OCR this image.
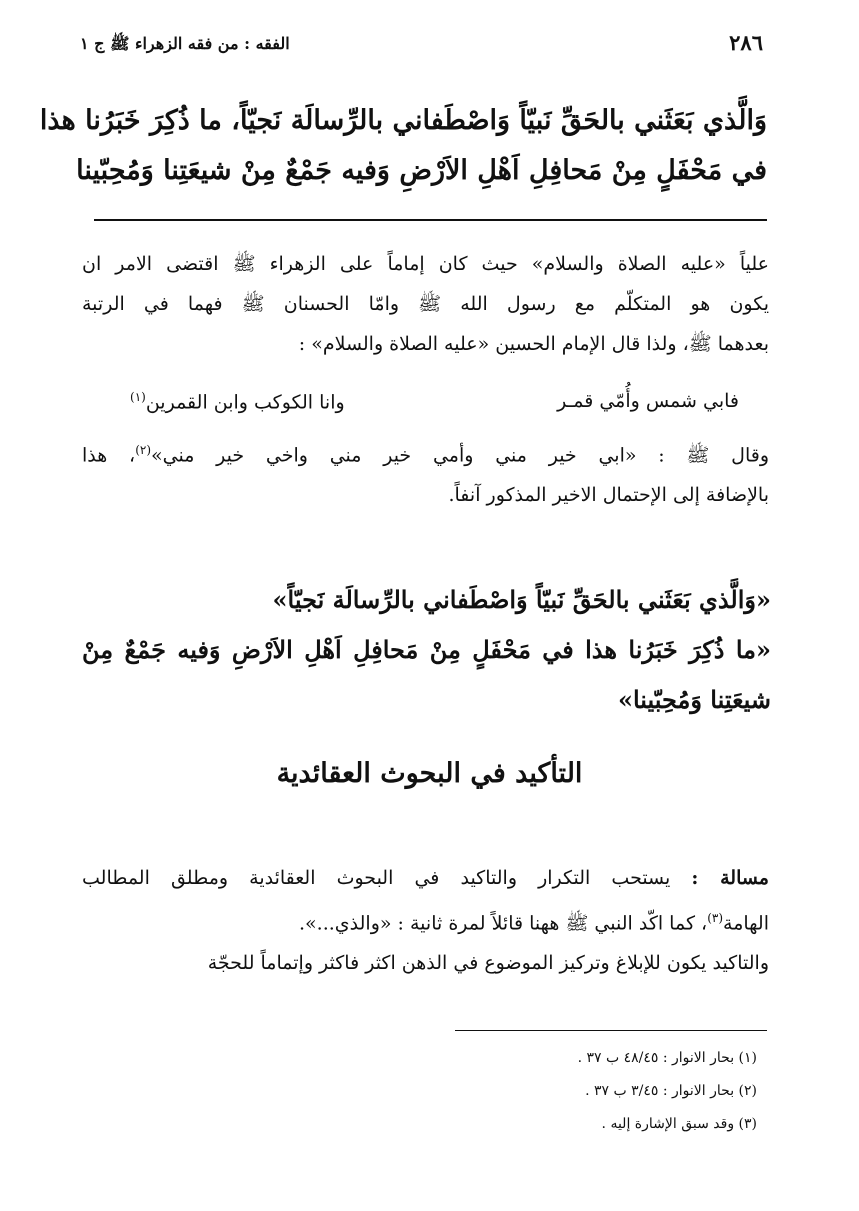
٢٨٦
الفقه : من فقه الزهراء ﷺ ج ١
وَالَّذي بَعَثَني بالحَقِّ نَبيّاً وَاصْطَفاني بالرِّسالَة نَجيّاً، ما ذُكِرَ خَبَرُنا هذا
في مَحْفَلٍ مِنْ مَحافِلِ اَهْلِ الاَرْضِ وَفيه جَمْعٌ مِنْ شيعَتِنا وَمُحِبّينا
علياً «عليه الصلاة والسلام» حيث كان إماماً على الزهراء ﷺ اقتضى الامر ان
يكون هو المتكلّم مع رسول الله ﷺ وامّا الحسنان ﷺ فهما في الرتبة
بعدهما ﷺ، ولذا قال الإمام الحسين «عليه الصلاة والسلام» :
فابي شمس وأُمّي قمـر
وانا الكوكب وابن القمرين$^{(١)}$
وقال ﷺ : «ابي خير مني وأمي خير مني واخي خير مني»$^{(٢)}$، هذا
بالإضافة إلى الإحتمال الاخير المذكور آنفاً.
«وَالَّذي بَعَثَني بالحَقِّ نَبيّاً وَاصْطَفاني بالرِّسالَة نَجيّاً»
«ما ذُكِرَ خَبَرُنا هذا في مَحْفَلٍ مِنْ مَحافِلِ اَهْلِ الاَرْضِ وَفيه جَمْعٌ مِنْ
شيعَتِنا وَمُحِبّينا»
التأكيد في البحوث العقائدية
مسالة : يستحب التكرار والتاكيد في البحوث العقائدية ومطلق المطالب
الهامة$^{(٣)}$، كما اكّد النبي ﷺ ههنا قائلاً لمرة ثانية : «والذي...».
والتاكيد يكون للإبلاغ وتركيز الموضوع في الذهن اكثر فاكثر وإتماماً للحجّة
(١) بحار الانوار : ٤٨/٤٥ ب ٣٧ .
(٢) بحار الانوار : ٣/٤٥ ب ٣٧ .
(٣) وقد سبق الإشارة إليه .
